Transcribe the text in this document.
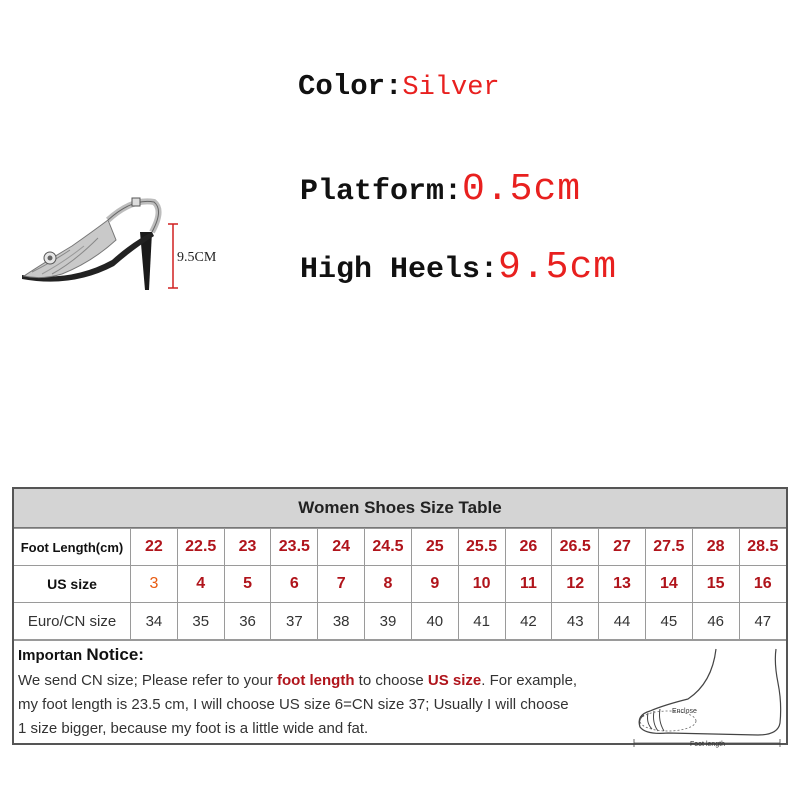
Color:Silver
Platform:0.5cm
High Heels:9.5cm
9.5CM
Women Shoes Size Table
Foot Length(cm)	22	22.5	23	23.5	24	24.5	25	25.5	26	26.5	27	27.5	28	28.5
US size	3	4	5	6	7	8	9	10	11	12	13	14	15	16
Euro/CN size	34	35	36	37	38	39	40	41	42	43	44	45	46	47
Importan Notice:
We send CN size; Please refer to your foot length to choose US size. For example,
my foot length is 23.5 cm, I will choose US size 6=CN size 37; Usually I will choose
1 size bigger, because my foot is a little wide and fat.
Enclose
Foot length
